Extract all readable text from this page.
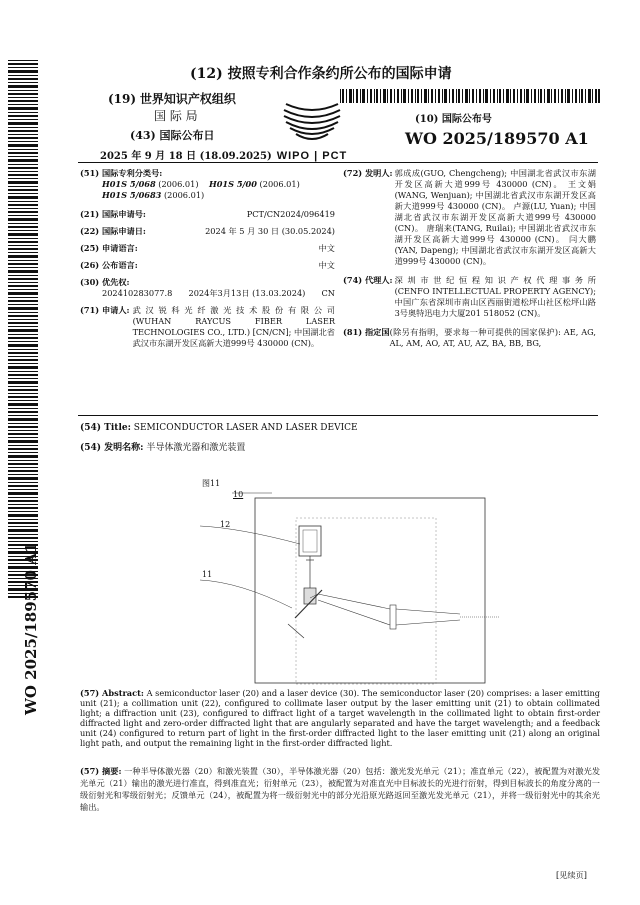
(12) 按照专利合作条约所公布的国际申请
(19) 世界知识产权组织
国 际 局
WIPO | PCT
(43) 国际公布日
2025 年 9 月 18 日 (18.09.2025)
(10) 国际公布号
WO 2025/189570 A1
WO 2025/189570 A1
(51) 国际专利分类号:
H01S 5/068 (2006.01) H01S 5/00 (2006.01)
H01S 5/0683 (2006.01)
(21) 国际申请号:	PCT/CN2024/096419
(22) 国际申请日:	2024 年 5 月 30 日 (30.05.2024)
(25) 申请语言:	中文
(26) 公布语言:	中文
(30) 优先权:
202410283077.8 2024年3月13日 (13.03.2024) CN
(71) 申请人: 武 汉 锐 科 光 纤 激 光 技 术 股 份 有 限 公 司 (WUHAN RAYCUS FIBER LASER TECHNOLOGIES CO., LTD.) [CN/CN]; 中国湖北省武汉市东湖开发区高新大道999号 430000 (CN)。
(72) 发明人: 郭成成(GUO, Chengcheng); 中国湖北省武汉市东湖开发区高新大道999号 430000 (CN)。 王文娟(WANG, Wenjuan); 中国湖北省武汉市东湖开发区高新大道999号 430000 (CN)。 卢源(LU, Yuan); 中国湖北省武汉市东湖开发区高新大道999号 430000 (CN)。 唐瑞来(TANG, Ruilai); 中国湖北省武汉市东湖开发区高新大道999号 430000 (CN)。 闫大鹏(YAN, Dapeng); 中国湖北省武汉市东湖开发区高新大道999号 430000 (CN)。
(74) 代理人: 深 圳 市 世 纪 恒 程 知 识 产 权 代 理 事 务 所 (CENFO INTELLECTUAL PROPERTY AGENCY); 中国广东省深圳市南山区西丽街道松坪山社区松坪山路3号奥特迅电力大厦201 518052 (CN)。
(81) 指定国 (除另有指明，要求每一种可提供的国家保护): AE, AG, AL, AM, AO, AT, AU, AZ, BA, BB, BG,
(54) Title: SEMICONDUCTOR LASER AND LASER DEVICE
(54) 发明名称: 半导体激光器和激光装置
图11
10
12
11
(57) Abstract: A semiconductor laser (20) and a laser device (30). The semiconductor laser (20) comprises: a laser emitting unit (21); a collimation unit (22), configured to collimate laser output by the laser emitting unit (21) to obtain collimated light; a diffraction unit (23), configured to diffract light of a target wavelength in the collimated light to obtain first-order diffracted light and zero-order diffracted light that are angularly separated and have the target wavelength; and a feedback unit (24) configured to return part of light in the first-order diffracted light to the laser emitting unit (21) along an original light path, and output the remaining light in the first-order diffracted light.
(57) 摘要: 一种半导体激光器（20）和激光装置（30），半导体激光器（20）包括：激光发光单元（21）；准直单元（22），被配置为对激光发光单元（21）输出的激光进行准直，得到准直光；衍射单元（23），被配置为对准直光中目标波长的光进行衍射，得到目标波长的角度分离的一级衍射光和零级衍射光；反馈单元（24），被配置为将一级衍射光中的部分光沿原光路返回至激光发光单元（21），并将一级衍射光中的其余光输出。
[见续页]
